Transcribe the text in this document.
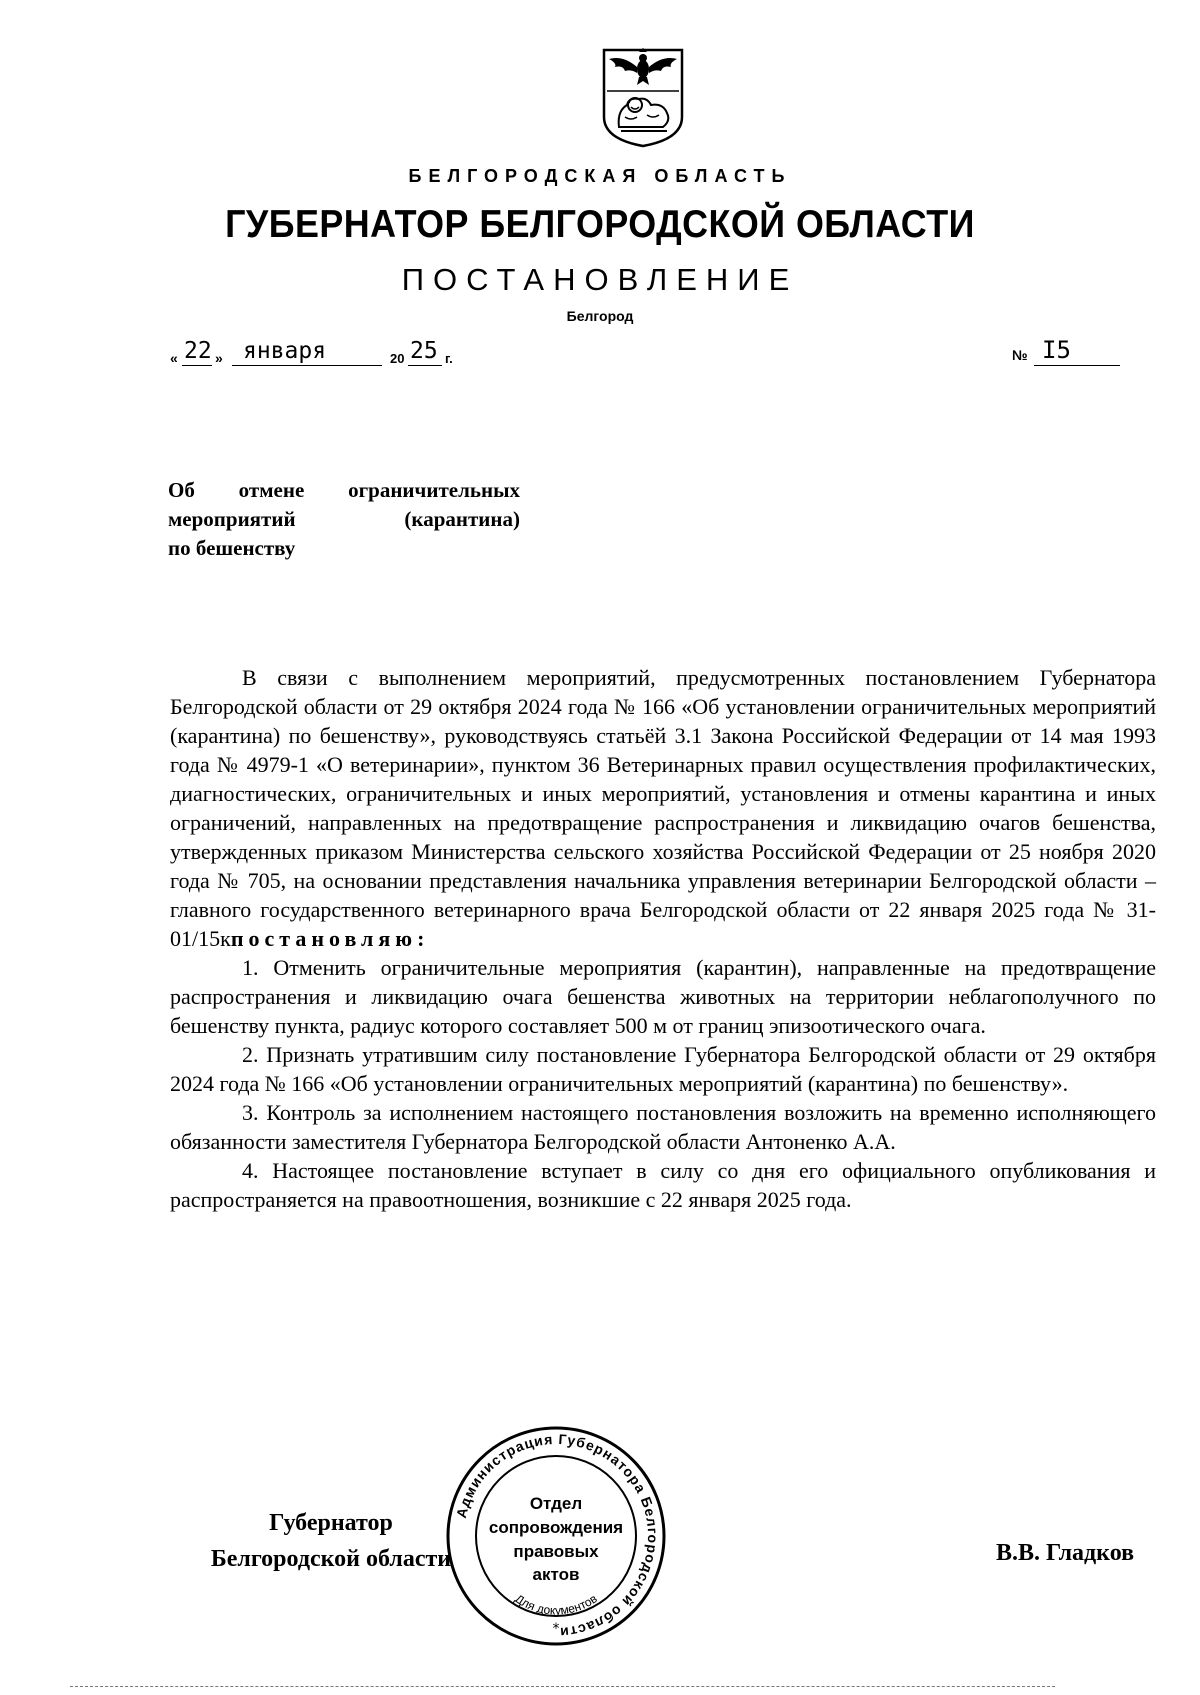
БЕЛГОРОДСКАЯ ОБЛАСТЬ
ГУБЕРНАТОР БЕЛГОРОДСКОЙ ОБЛАСТИ
ПОСТАНОВЛЕНИЕ
Белгород
« 22 » января	20 25 г.	№ I5
Об отмене ограничительных
мероприятий (карантина)
по бешенству

В связи с выполнением мероприятий, предусмотренных постановлением Губернатора Белгородской области от 29 октября 2024 года № 166 «Об установлении ограничительных мероприятий (карантина) по бешенству», руководствуясь статьёй 3.1 Закона Российской Федерации от 14 мая 1993 года № 4979-1 «О ветеринарии», пунктом 36 Ветеринарных правил осуществления профилактических, диагностических, ограничительных и иных мероприятий, установления и отмены карантина и иных ограничений, направленных на предотвращение распространения и ликвидацию очагов бешенства, утвержденных приказом Министерства сельского хозяйства Российской Федерации от 25 ноября 2020 года № 705, на основании представления начальника управления ветеринарии Белгородской области – главного государственного ветеринарного врача Белгородской области от 22 января 2025 года № 31-01/15кпостановляю:

1. Отменить ограничительные мероприятия (карантин), направленные на предотвращение распространения и ликвидацию очага бешенства животных на территории неблагополучного по бешенству пункта, радиус которого составляет 500 м от границ эпизоотического очага.

2. Признать утратившим силу постановление Губернатора Белгородской области от 29 октября 2024 года № 166 «Об установлении ограничительных мероприятий (карантина) по бешенству».

3. Контроль за исполнением настоящего постановления возложить на временно исполняющего обязанности заместителя Губернатора Белгородской области Антоненко А.А.

4. Настоящее постановление вступает в силу со дня его официального опубликования и распространяется на правоотношения, возникшие с 22 января 2025 года.

Губернатор
Белгородской области	В.В. Гладков
Администрация Губернатора Белгородской области
Отдел
сопровождения
правовых
актов
Для документов
*
